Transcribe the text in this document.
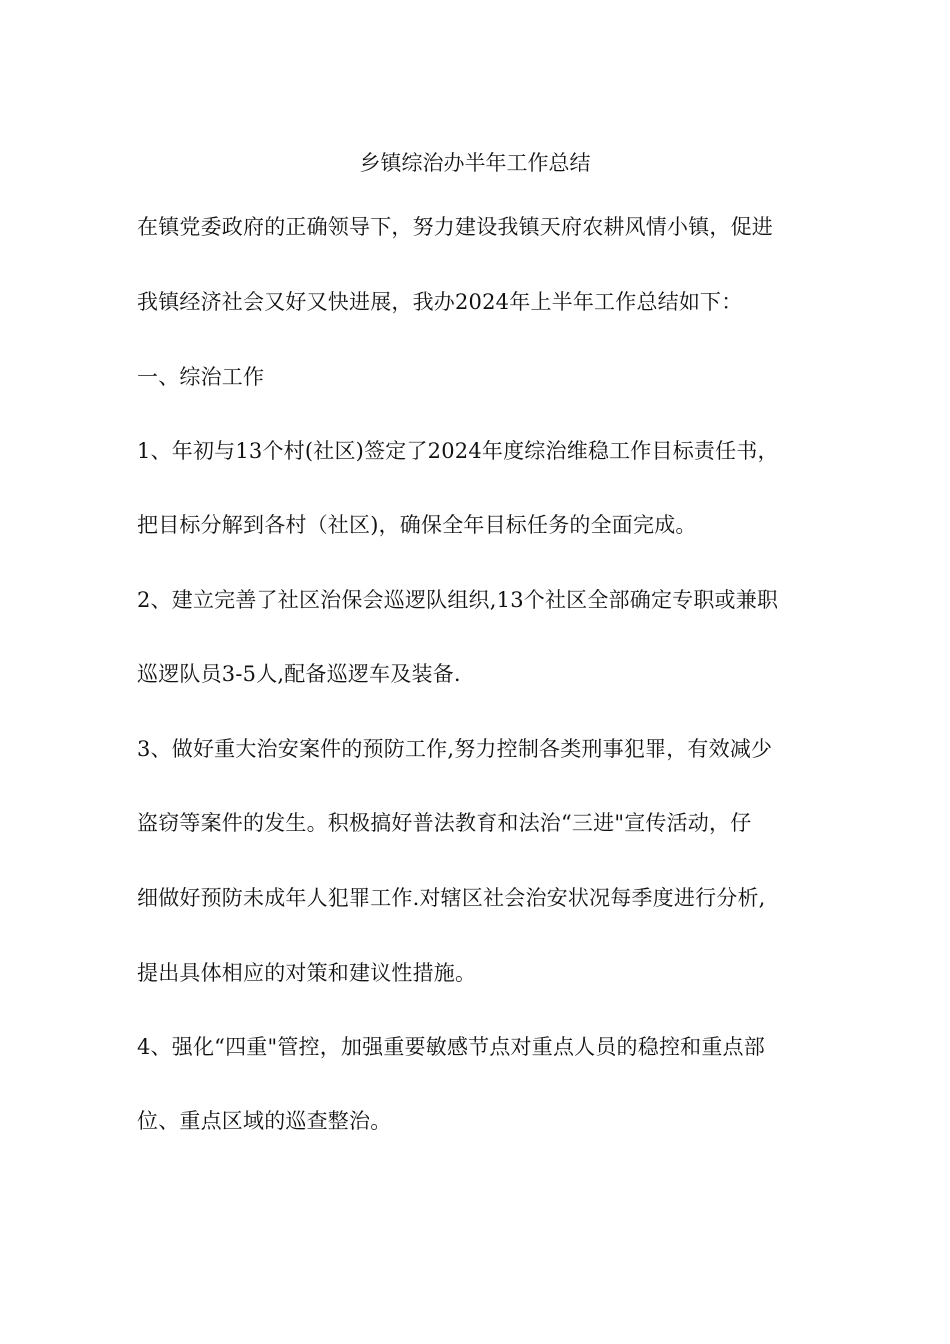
乡镇综治办半年工作总结
在镇党委政府的正确领导下，努力建设我镇天府农耕风情小镇，促进
我镇经济社会又好又快进展，我办2024年上半年工作总结如下：
一、综治工作
1、年初与13个村(社区)签定了2024年度综治维稳工作目标责任书，
把目标分解到各村（社区)，确保全年目标任务的全面完成。
2、建立完善了社区治保会巡逻队组织,13个社区全部确定专职或兼职
巡逻队员3-5人,配备巡逻车及装备.
3、做好重大治安案件的预防工作,努力控制各类刑事犯罪，有效减少
盗窃等案件的发生。积极搞好普法教育和法治“三进"宣传活动，仔
细做好预防未成年人犯罪工作.对辖区社会治安状况每季度进行分析,
提出具体相应的对策和建议性措施。
4、强化“四重"管控，加强重要敏感节点对重点人员的稳控和重点部
位、重点区域的巡查整治。
